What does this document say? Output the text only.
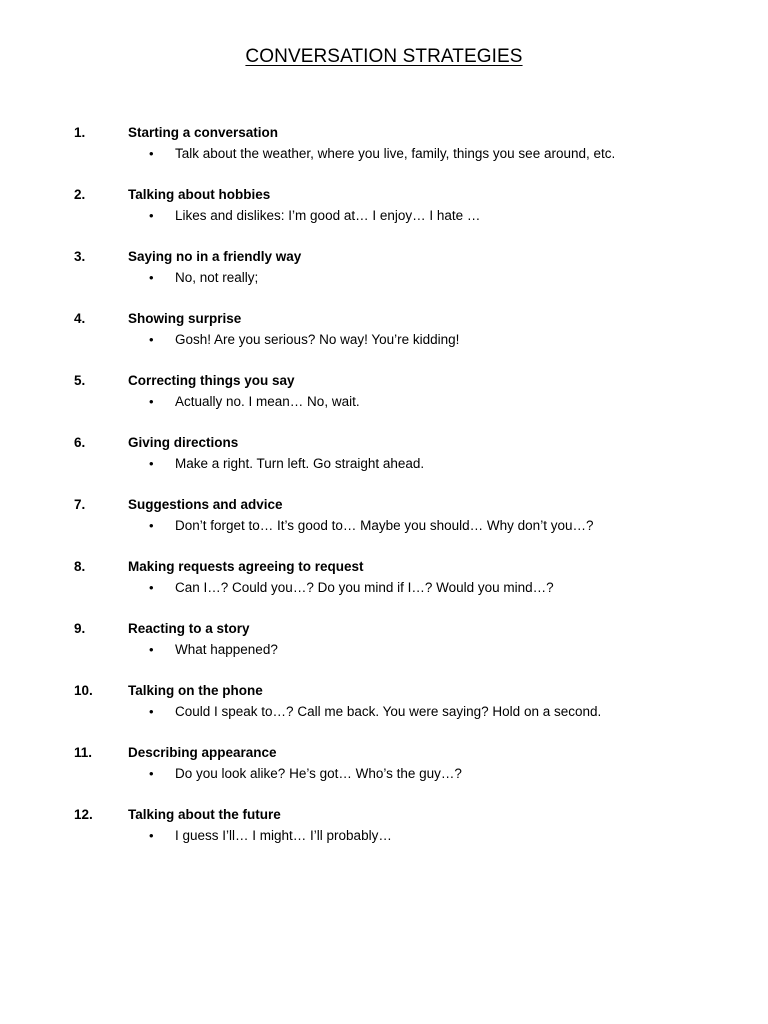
CONVERSATION STRATEGIES
1.	Starting a conversation
• Talk about the weather, where you live, family, things you see around, etc.
2.	Talking about hobbies
• Likes and dislikes: I’m good at… I enjoy… I hate …
3.	Saying no in a friendly way
• No, not really;
4.	Showing surprise
• Gosh! Are you serious? No way! You’re kidding!
5.	Correcting things you say
• Actually no. I mean… No, wait.
6.	Giving directions
• Make a right. Turn left. Go straight ahead.
7.	Suggestions and advice
• Don’t forget to… It’s good to… Maybe you should… Why don’t you…?
8.	Making requests agreeing to request
• Can I…? Could you…? Do you mind if I…? Would you mind…?
9.	Reacting to a story
• What happened?
10.	Talking on the phone
• Could I speak to…? Call me back. You were saying? Hold on a second.
11.	Describing appearance
• Do you look alike? He’s got… Who’s the guy…?
12.	Talking about the future
• I guess I’ll… I might… I’ll probably…
